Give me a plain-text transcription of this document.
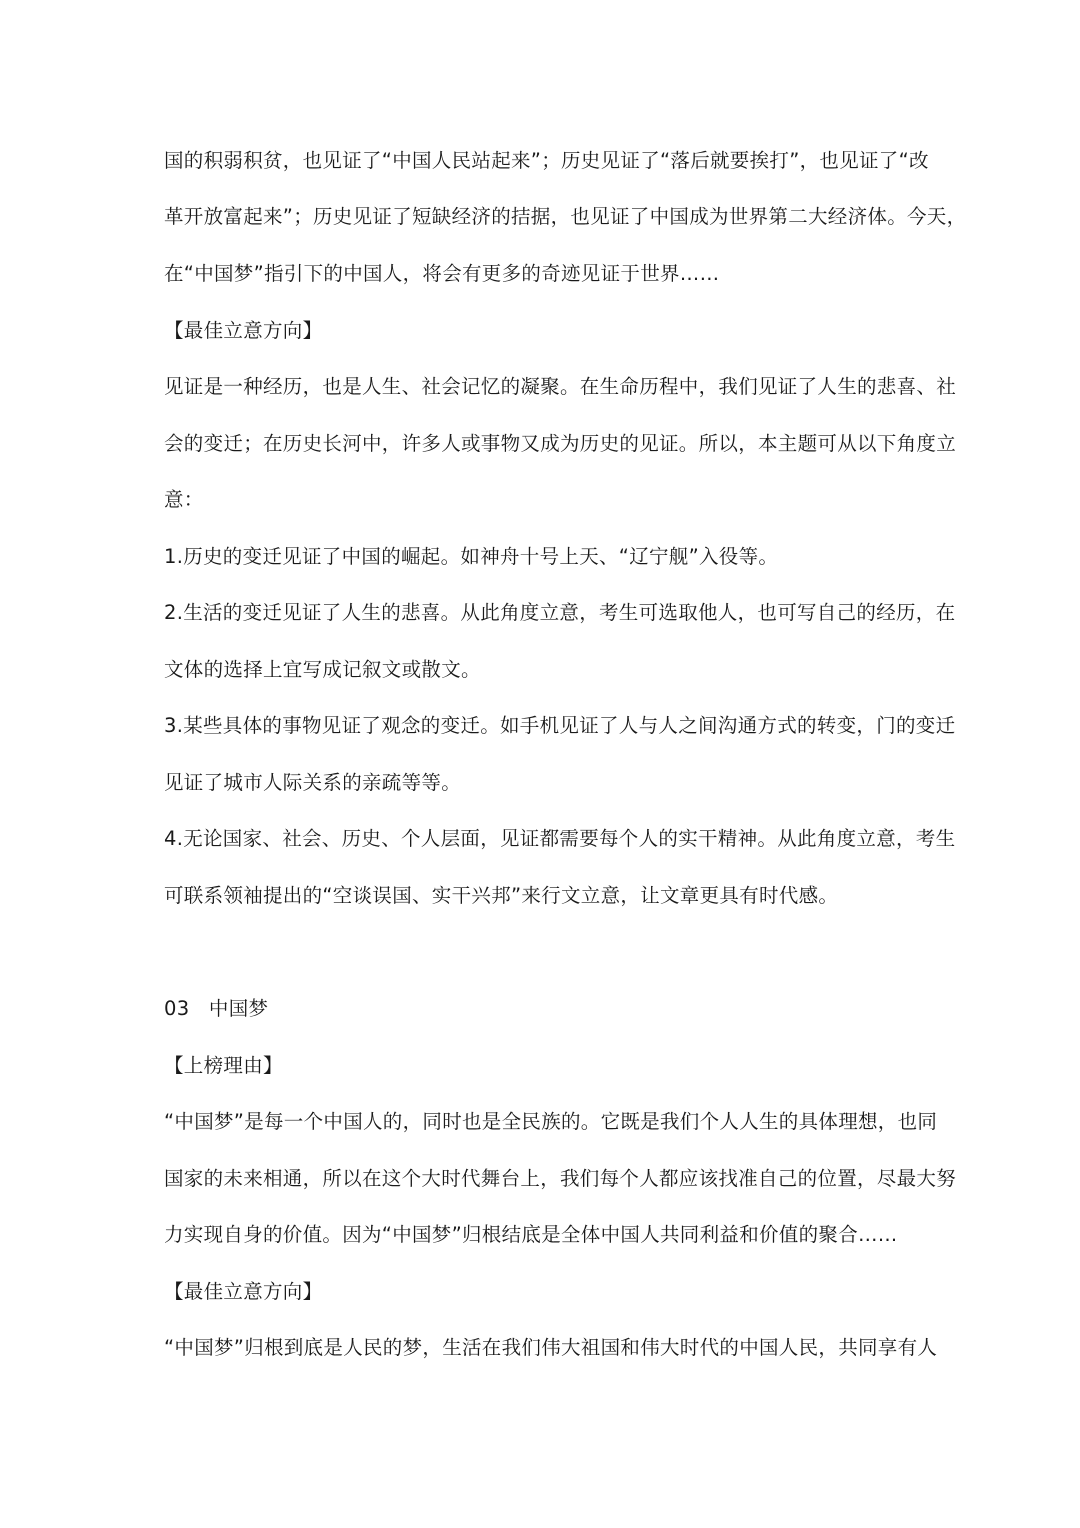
国的积弱积贫，也见证了“中国人民站起来”；历史见证了“落后就要挨打”，也见证了“改
革开放富起来”；历史见证了短缺经济的拮据，也见证了中国成为世界第二大经济体。今天，
在“中国梦”指引下的中国人，将会有更多的奇迹见证于世界……
【最佳立意方向】
见证是一种经历，也是人生、社会记忆的凝聚。在生命历程中，我们见证了人生的悲喜、社
会的变迁；在历史长河中，许多人或事物又成为历史的见证。所以，本主题可从以下角度立
意：
1.历史的变迁见证了中国的崛起。如神舟十号上天、“辽宁舰”入役等。
2.生活的变迁见证了人生的悲喜。从此角度立意，考生可选取他人，也可写自己的经历，在
文体的选择上宜写成记叙文或散文。
3.某些具体的事物见证了观念的变迁。如手机见证了人与人之间沟通方式的转变，门的变迁
见证了城市人际关系的亲疏等等。
4.无论国家、社会、历史、个人层面，见证都需要每个人的实干精神。从此角度立意，考生
可联系领袖提出的“空谈误国、实干兴邦”来行文立意，让文章更具有时代感。
03   中国梦
【上榜理由】
“中国梦”是每一个中国人的，同时也是全民族的。它既是我们个人人生的具体理想，也同
国家的未来相通，所以在这个大时代舞台上，我们每个人都应该找准自己的位置，尽最大努
力实现自身的价值。因为“中国梦”归根结底是全体中国人共同利益和价值的聚合……
【最佳立意方向】
“中国梦”归根到底是人民的梦，生活在我们伟大祖国和伟大时代的中国人民，共同享有人
